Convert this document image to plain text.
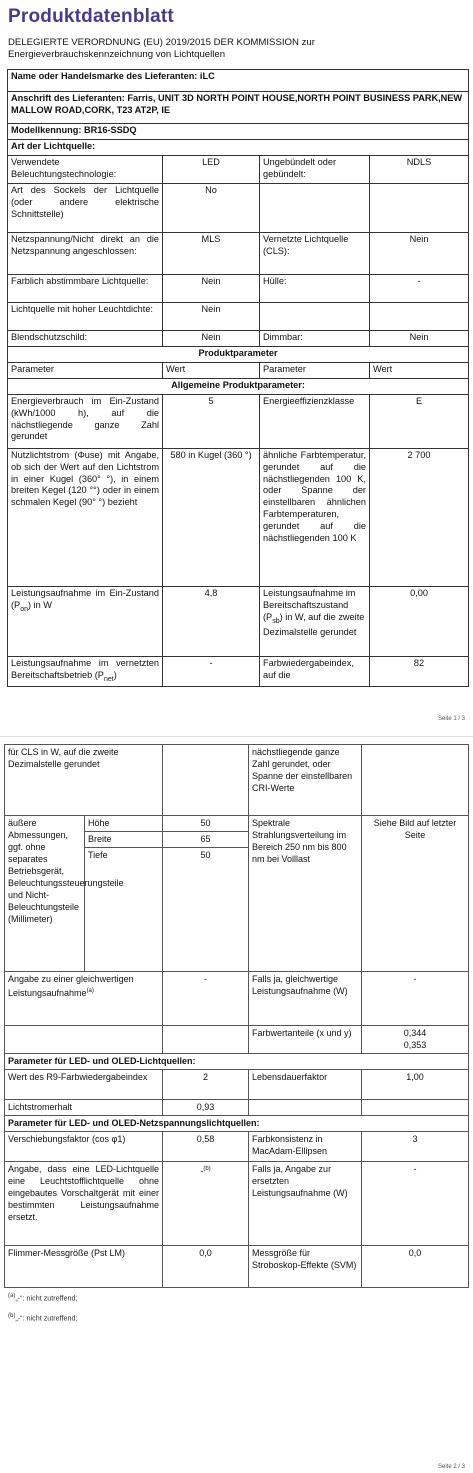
Produktdatenblatt
DELEGIERTE VERORDNUNG (EU) 2019/2015 DER KOMMISSION zur Energieverbrauchskennzeichnung von Lichtquellen
Name oder Handelsmarke des Lieferanten: iLC			
Anschrift des Lieferanten: Farris, UNIT 3D NORTH POINT HOUSE,NORTH POINT BUSINESS PARK,NEW MALLOW ROAD,CORK, T23 AT2P, IE			
Modellkennung: BR16-SSDQ			
Art der Lichtquelle:			
Verwendete Beleuchtungstechnologie:	LED	Ungebündelt oder gebündelt:	NDLS
Art des Sockels der Lichtquelle (oder andere elektrische Schnittstelle)	No		
Netzspannung/Nicht direkt an die Netzspannung angeschlossen:	MLS	Vernetzte Lichtquelle (CLS):	Nein
Farblich abstimmbare Lichtquelle:	Nein	Hülle:	-
Lichtquelle mit hoher Leuchtdichte:	Nein		
Blendschutzschild:	Nein	Dimmbar:	Nein
Produktparameter			
Parameter	Wert	Parameter	Wert
Allgemeine Produktparameter:			
Energieverbrauch im Ein-Zustand (kWh/1000 h), auf die nächstliegende ganze Zahl gerundet	5	Energieeffizienzklasse	E
Nutzlichtstrom (Φuse) mit Angabe, ob sich der Wert auf den Lichtstrom in einer Kugel (360° °), in einem breiten Kegel (120 °°) oder in einem schmalen Kegel (90° °) bezieht	580 in Kugel (360 °)	ähnliche Farbtemperatur, gerundet auf die nächstliegenden 100 K, oder Spanne der einstellbaren ähnlichen Farbtemperaturen, gerundet auf die nächstliegenden 100 K	2 700
Leistungsaufnahme im Ein-Zustand $(P_{on})$ in W	4,8	Leistungsaufnahme im Bereitschaftszustand $(P_{sb})$ in W, auf die zweite Dezimalstelle gerundet	0,00
Leistungsaufnahme im vernetzten Bereitschaftsbetrieb $(P_{net})$	-	Farbwiedergabeindex, auf die	82
Seite 1 / 3
für CLS in W, auf die zweite Dezimalstelle gerundet			nächstliegende ganze Zahl gerundet, oder Spanne der einstellbaren CRI-Werte	
äußere Abmessungen, ggf. ohne separates Betriebsgerät, Beleuchtungssteuerungsteile und Nicht-Beleuchtungsteile (Millimeter)	Höhe	50	Spektrale Strahlungsverteilung im Bereich 250 nm bis 800 nm bei Volllast	Siehe Bild auf letzter Seite
	Breite	65		
	Tiefe	50		
Angabe zu einer gleichwertigen Leistungsaufnahme$^{(a)}$		-	Falls ja, gleichwertige Leistungsaufnahme (W)	-
			Farbwertanteile (x und y)	0,344
0,353

Parameter für LED- und OLED-Lichtquellen:				
Wert des R9-Farbwiedergabeindex		2	Lebensdauerfaktor	1,00
Lichtstromerhalt		0,93		
Parameter für LED- und OLED-Netzspannungslichtquellen:				
Verschiebungsfaktor (cos φ1)		0,58	Farbkonsistenz in MacAdam-Ellipsen	3
Angabe, dass eine LED-Lichtquelle eine Leuchtstofflichtquelle ohne eingebautes Vorschaltgerät mit einer bestimmten Leistungsaufnahme ersetzt.		-$^{(b)}$	Falls ja, Angabe zur ersetzten Leistungsaufnahme (W)	-
Flimmer-Messgröße (Pst LM)		0,0	Messgröße für Stroboskop-Effekte (SVM)	0,0
$^{(a)}$„-“: nicht zutreffend;
$^{(b)}$„-“: nicht zutreffend;
Seite 2 / 3
